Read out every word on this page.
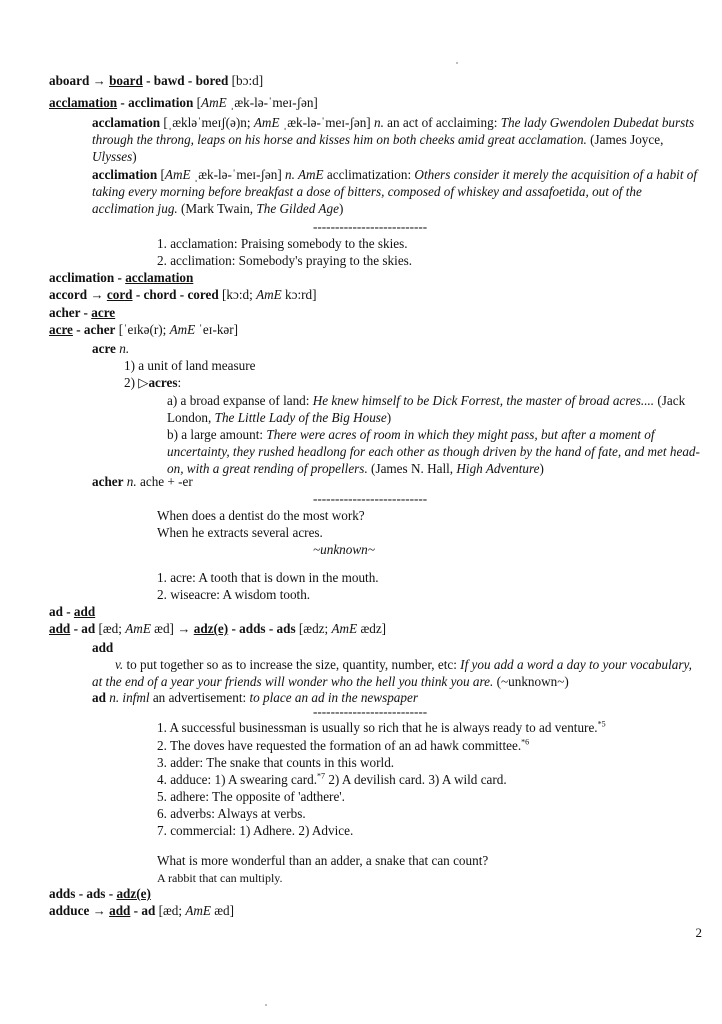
aboard → board - bawd - bored [bɔ:d]
acclamation - acclimation [AmE ˌæk-lə-ˈmeɪ-ʃən]
acclamation [ˌækləˈmeɪʃ(ə)n; AmE ˌæk-lə-ˈmeɪ-ʃən] n. an act of acclaiming: The lady Gwendolen Dubedat bursts through the throng, leaps on his horse and kisses him on both cheeks amid great acclamation. (James Joyce, Ulysses)
acclimation [AmE ˌæk-lə-ˈmeɪ-ʃən] n. AmE acclimatization: Others consider it merely the acquisition of a habit of taking every morning before breakfast a dose of bitters, composed of whiskey and assafoetida, out of the acclimation jug. (Mark Twain, The Gilded Age)
--------------------------
1. acclamation: Praising somebody to the skies.
2. acclimation: Somebody's praying to the skies.
acclimation - acclamation
accord → cord - chord - cored [kɔ:d; AmE kɔ:rd]
acher - acre
acre - acher [ˈeɪkə(r); AmE ˈeɪ-kər]
acre n.
1) a unit of land measure
2) ▷acres:
a) a broad expanse of land: He knew himself to be Dick Forrest, the master of broad acres.... (Jack London, The Little Lady of the Big House)
b) a large amount: There were acres of room in which they might pass, but after a moment of uncertainty, they rushed headlong for each other as though driven by the hand of fate, and met head-on, with a great rending of propellers. (James N. Hall, High Adventure)
acher n. ache + -er
--------------------------
When does a dentist do the most work?
When he extracts several acres.
~unknown~
1. acre: A tooth that is down in the mouth.
2. wiseacre: A wisdom tooth.
ad - add
add - ad [æd; AmE æd] → adz(e) - adds - ads [ædz; AmE ædz]
add
v. to put together so as to increase the size, quantity, number, etc: If you add a word a day to your vocabulary, at the end of a year your friends will wonder who the hell you think you are. (~unknown~)
ad n. infml an advertisement: to place an ad in the newspaper
--------------------------
1. A successful businessman is usually so rich that he is always ready to ad venture.$^{*5}$
2. The doves have requested the formation of an ad hawk committee.$^{*6}$
3. adder: The snake that counts in this world.
4. adduce: 1) A swearing card.$^{*7}$ 2) A devilish card. 3) A wild card.
5. adhere: The opposite of 'adthere'.
6. adverbs: Always at verbs.
7. commercial: 1) Adhere. 2) Advice.
What is more wonderful than an adder, a snake that can count?
A rabbit that can multiply.
adds - ads - adz(e)
adduce → add - ad [æd; AmE æd]
2
